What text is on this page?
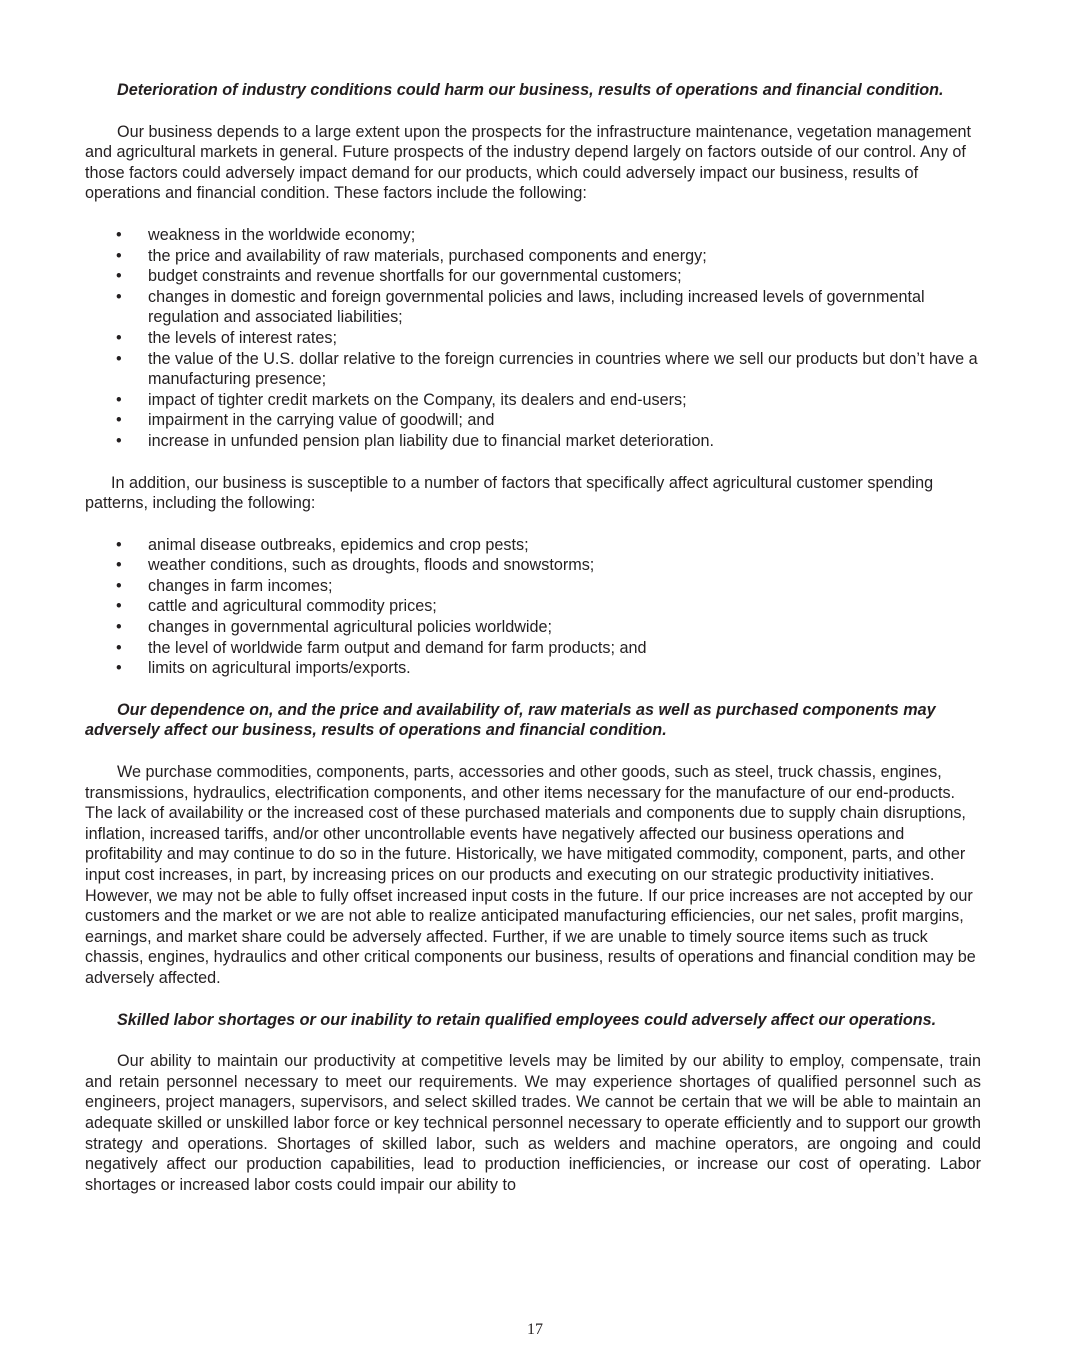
Deterioration of industry conditions could harm our business, results of operations and financial condition.

Our business depends to a large extent upon the prospects for the infrastructure maintenance, vegetation management and agricultural markets in general. Future prospects of the industry depend largely on factors outside of our control. Any of those factors could adversely impact demand for our products, which could adversely impact our business, results of operations and financial condition. These factors include the following:

• weakness in the worldwide economy;
• the price and availability of raw materials, purchased components and energy;
• budget constraints and revenue shortfalls for our governmental customers;
• changes in domestic and foreign governmental policies and laws, including increased levels of governmental regulation and associated liabilities;
• the levels of interest rates;
• the value of the U.S. dollar relative to the foreign currencies in countries where we sell our products but don’t have a manufacturing presence;
• impact of tighter credit markets on the Company, its dealers and end-users;
• impairment in the carrying value of goodwill; and
• increase in unfunded pension plan liability due to financial market deterioration.

In addition, our business is susceptible to a number of factors that specifically affect agricultural customer spending patterns, including the following:

• animal disease outbreaks, epidemics and crop pests;
• weather conditions, such as droughts, floods and snowstorms;
• changes in farm incomes;
• cattle and agricultural commodity prices;
• changes in governmental agricultural policies worldwide;
• the level of worldwide farm output and demand for farm products; and
• limits on agricultural imports/exports.

Our dependence on, and the price and availability of, raw materials as well as purchased components may adversely affect our business, results of operations and financial condition.

We purchase commodities, components, parts, accessories and other goods, such as steel, truck chassis, engines, transmissions, hydraulics, electrification components, and other items necessary for the manufacture of our end-products. The lack of availability or the increased cost of these purchased materials and components due to supply chain disruptions, inflation, increased tariffs, and/or other uncontrollable events have negatively affected our business operations and profitability and may continue to do so in the future. Historically, we have mitigated commodity, component, parts, and other input cost increases, in part, by increasing prices on our products and executing on our strategic productivity initiatives. However, we may not be able to fully offset increased input costs in the future. If our price increases are not accepted by our customers and the market or we are not able to realize anticipated manufacturing efficiencies, our net sales, profit margins, earnings, and market share could be adversely affected. Further, if we are unable to timely source items such as truck chassis, engines, hydraulics and other critical components our business, results of operations and financial condition may be adversely affected.

Skilled labor shortages or our inability to retain qualified employees could adversely affect our operations.

Our ability to maintain our productivity at competitive levels may be limited by our ability to employ, compensate, train and retain personnel necessary to meet our requirements. We may experience shortages of qualified personnel such as engineers, project managers, supervisors, and select skilled trades. We cannot be certain that we will be able to maintain an adequate skilled or unskilled labor force or key technical personnel necessary to operate efficiently and to support our growth strategy and operations. Shortages of skilled labor, such as welders and machine operators, are ongoing and could negatively affect our production capabilities, lead to production inefficiencies, or increase our cost of operating. Labor shortages or increased labor costs could impair our ability to

17
